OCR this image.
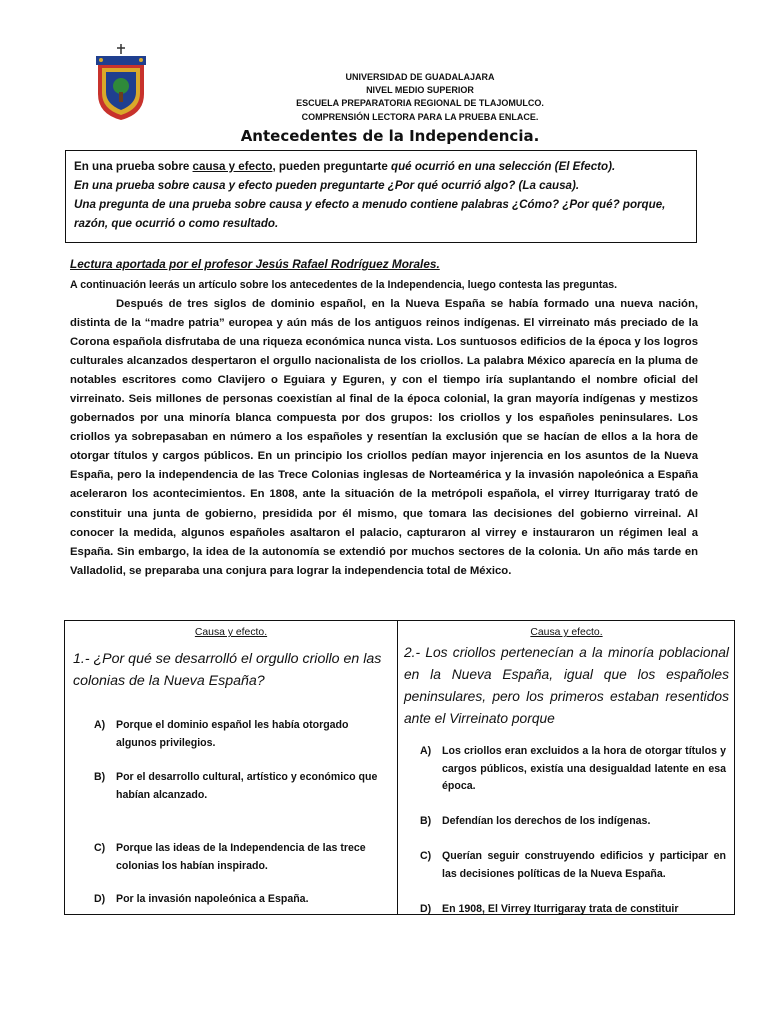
UNIVERSIDAD DE GUADALAJARA
NIVEL MEDIO SUPERIOR
ESCUELA PREPARATORIA REGIONAL DE TLAJOMULCO.
COMPRENSIÓN LECTORA PARA LA PRUEBA ENLACE.
Antecedentes de la Independencia.

En una prueba sobre causa y efecto, pueden preguntarte qué ocurrió en una selección (El Efecto).

En una prueba sobre causa y efecto pueden preguntarte ¿Por qué ocurrió algo? (La causa).

Una pregunta de una prueba sobre causa y efecto a menudo contiene palabras ¿Cómo? ¿Por qué? porque,

razón, que ocurrió o como resultado.

Lectura aportada por el profesor Jesús Rafael Rodríguez Morales.
A continuación leerás un artículo sobre los antecedentes de la Independencia, luego contesta las preguntas.

Después de tres siglos de dominio español, en la Nueva España se había formado una nueva nación, distinta de la “madre patria” europea y aún más de los antiguos reinos indígenas. El virreinato más preciado de la Corona española disfrutaba de una riqueza económica nunca vista. Los suntuosos edificios de la época y los logros culturales alcanzados despertaron el orgullo nacionalista de los criollos. La palabra México aparecía en la pluma de notables escritores como Clavijero o Eguiara y Eguren, y con el tiempo iría suplantando el nombre oficial del virreinato. Seis millones de personas coexistían al final de la época colonial, la gran mayoría indígenas y mestizos gobernados por una minoría blanca compuesta por dos grupos: los criollos y los españoles peninsulares. Los criollos ya sobrepasaban en número a los españoles y resentían la exclusión que se hacían de ellos a la hora de otorgar títulos y cargos públicos. En un principio los criollos pedían mayor injerencia en los asuntos de la Nueva España, pero la independencia de las Trece Colonias inglesas de Norteamérica y la invasión napoleónica a España aceleraron los acontecimientos. En 1808, ante la situación de la metrópoli española, el virrey Iturrigaray trató de constituir una junta de gobierno, presidida por él mismo, que tomara las decisiones del gobierno virreinal. Al conocer la medida, algunos españoles asaltaron el palacio, capturaron al virrey e instauraron un régimen leal a España. Sin embargo, la idea de la autonomía se extendió por muchos sectores de la colonia. Un año más tarde en Valladolid, se preparaba una conjura para lograr la independencia total de México.

Causa y efecto.
1.- ¿Por qué se desarrolló el orgullo criollo en las colonias de la Nueva España?
A) Porque el dominio español les había otorgado algunos privilegios.
B) Por el desarrollo cultural, artístico y económico que habían alcanzado.
C) Porque las ideas de la Independencia de las trece colonias los habían inspirado.
D) Por la invasión napoleónica a España.
Causa y efecto.
2.- Los criollos pertenecían a la minoría poblacional en la Nueva España, igual que los españoles peninsulares, pero los primeros estaban resentidos ante el Virreinato porque
A) Los criollos eran excluidos a la hora de otorgar títulos y cargos públicos, existía una desigualdad latente en esa época.
B) Defendían los derechos de los indígenas.
C) Querían seguir construyendo edificios y participar en las decisiones políticas de la Nueva España.
D) En 1908, El Virrey Iturrigaray trata de constituir
